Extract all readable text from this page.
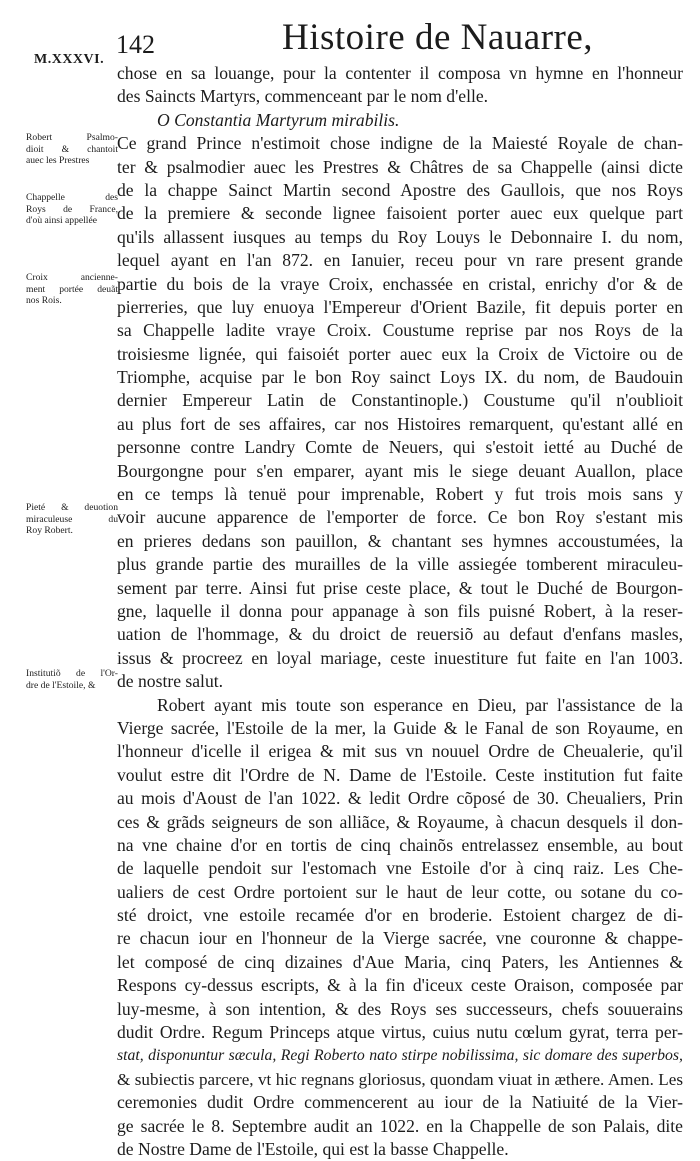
M.XXXVI.
142	Histoire de Nauarre,
Robert Psalmo-
dioit & chantoit
auec les Prestres
Chappelle des
Roys de France,
d'où ainsi appellée
Croix ancienne-
ment portée deuãt
nos Rois.
Pieté & deuotion
miraculeuse du
Roy Robert.
Institutiõ de l'Or-
dre de l'Estoile, &
chose en sa louange, pour la contenter il composa vn hymne en l'honneur
des Saincts Martyrs, commenceant par le nom d'elle.
O Constantia Martyrum mirabilis.
Ce grand Prince n'estimoit chose indigne de la Maiesté Royale de chan-
ter & psalmodier auec les Prestres & Châtres de sa Chappelle (ainsi dicte
de la chappe Sainct Martin second Apostre des Gaullois, que nos Roys
de la premiere & seconde lignee faisoient porter auec eux quelque part
qu'ils allassent iusques au temps du Roy Louys le Debonnaire I. du nom,
lequel ayant en l'an 872. en Ianuier, receu pour vn rare present grande
partie du bois de la vraye Croix, enchassée en cristal, enrichy d'or & de
pierreries, que luy enuoya l'Empereur d'Orient Bazile, fit depuis porter en
sa Chappelle ladite vraye Croix. Coustume reprise par nos Roys de la
troisiesme lignée, qui faisoiét porter auec eux la Croix de Victoire ou de
Triomphe, acquise par le bon Roy sainct Loys IX. du nom, de Baudouin
dernier Empereur Latin de Constantinople.) Coustume qu'il n'oublioit
au plus fort de ses affaires, car nos Histoires remarquent, qu'estant allé en
personne contre Landry Comte de Neuers, qui s'estoit ietté au Duché de
Bourgongne pour s'en emparer, ayant mis le siege deuant Auallon, place
en ce temps là tenuë pour imprenable, Robert y fut trois mois sans y
voir aucune apparence de l'emporter de force. Ce bon Roy s'estant mis
en prieres dedans son pauillon, & chantant ses hymnes accoustumées, la
plus grande partie des murailles de la ville assiegée tomberent miraculeu-
sement par terre. Ainsi fut prise ceste place, & tout le Duché de Bourgon-
gne, laquelle il donna pour appanage à son fils puisné Robert, à la reser-
uation de l'hommage, & du droict de reuersiõ au defaut d'enfans masles,
issus & procreez en loyal mariage, ceste inuestiture fut faite en l'an 1003.
de nostre salut.
Robert ayant mis toute son esperance en Dieu, par l'assistance de la
Vierge sacrée, l'Estoile de la mer, la Guide & le Fanal de son Royaume, en
l'honneur d'icelle il erigea & mit sus vn nouuel Ordre de Cheualerie, qu'il
voulut estre dit l'Ordre de N. Dame de l'Estoile. Ceste institution fut faite
au mois d'Aoust de l'an 1022. & ledit Ordre cõposé de 30. Cheualiers, Prin
ces & grãds seigneurs de son alliãce, & Royaume, à chacun desquels il don-
na vne chaine d'or en tortis de cinq chainõs entrelassez ensemble, au bout
de laquelle pendoit sur l'estomach vne Estoile d'or à cinq raiz. Les Che-
ualiers de cest Ordre portoient sur le haut de leur cotte, ou sotane du co-
sté droict, vne estoile recamée d'or en broderie. Estoient chargez de di-
re chacun iour en l'honneur de la Vierge sacrée, vne couronne & chappe-
let composé de cinq dizaines d'Aue Maria, cinq Paters, les Antiennes &
Respons cy-dessus escripts, & à la fin d'iceux ceste Oraison, composée par
luy-mesme, à son intention, & des Roys ses successeurs, chefs souuerains
dudit Ordre. Regum Princeps atque virtus, cuius nutu cœlum gyrat, terra per-
stat, disponuntur sæcula, Regi Roberto nato stirpe nobilissima, sic domare des superbos,
& subiectis parcere, vt hic regnans gloriosus, quondam viuat in æthere. Amen. Les
ceremonies dudit Ordre commencerent au iour de la Natiuité de la Vier-
ge sacrée le 8. Septembre audit an 1022. en la Chappelle de son Palais, dite
de Nostre Dame de l'Estoile, qui est la basse Chappelle.
